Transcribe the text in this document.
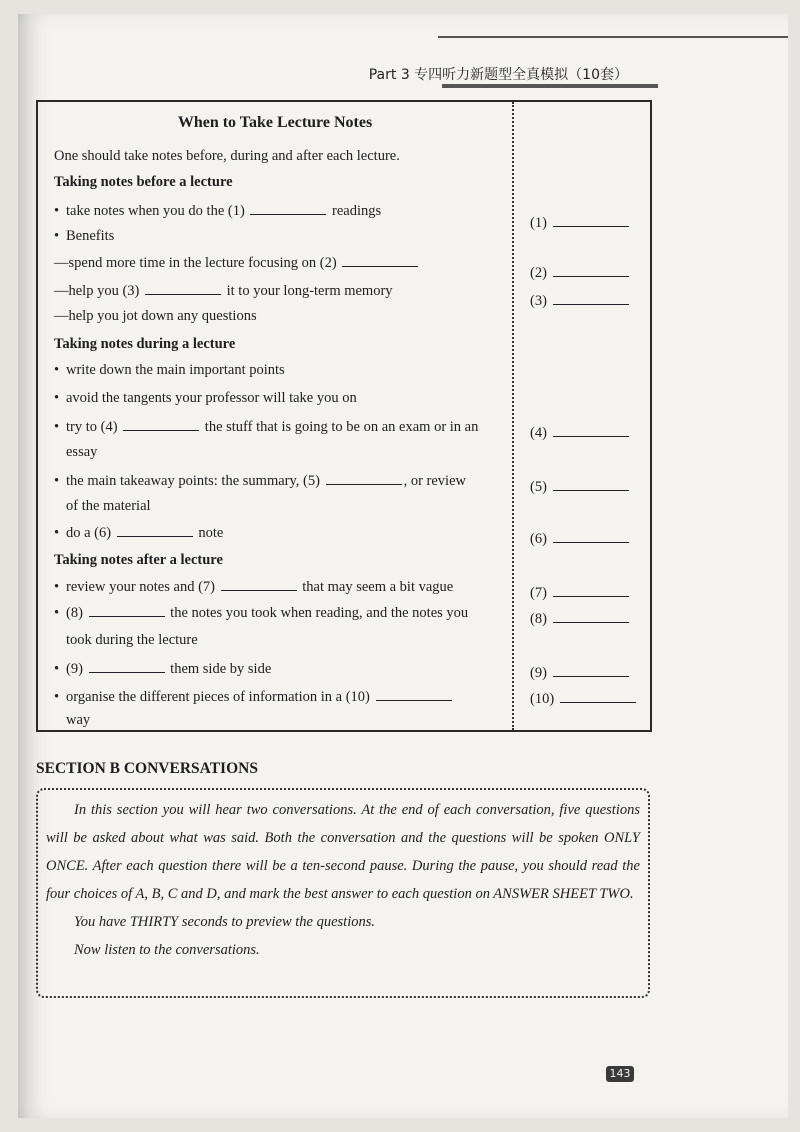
Part 3 专四听力新题型全真模拟（10套）
When to Take Lecture Notes
One should take notes before, during and after each lecture.
Taking notes before a lecture
• take notes when you do the (1)	readings
• Benefits
—spend more time in the lecture focusing on (2)
—help you (3)	it to your long-term memory
—help you jot down any questions
Taking notes during a lecture
• write down the main important points
• avoid the tangents your professor will take you on
• try to (4)	the stuff that is going to be on an exam or in an
essay
• the main takeaway points: the summary, (5)	, or review
of the material
• do a (6)	note
Taking notes after a lecture
• review your notes and (7)	that may seem a bit vague
• (8)	the notes you took when reading, and the notes you
took during the lecture
• (9)	them side by side
• organise the different pieces of information in a (10)
way
(1)
(2)
(3)
(4)
(5)
(6)
(7)
(8)
(9)
(10)
SECTION B CONVERSATIONS

In this section you will hear two conversations. At the end of each conversation, five questions will be asked about what was said. Both the conversation and the questions will be spoken ONLY ONCE. After each question there will be a ten-second pause. During the pause, you should read the four choices of A, B, C and D, and mark the best answer to each question on ANSWER SHEET TWO.

You have THIRTY seconds to preview the questions.

Now listen to the conversations.

143
